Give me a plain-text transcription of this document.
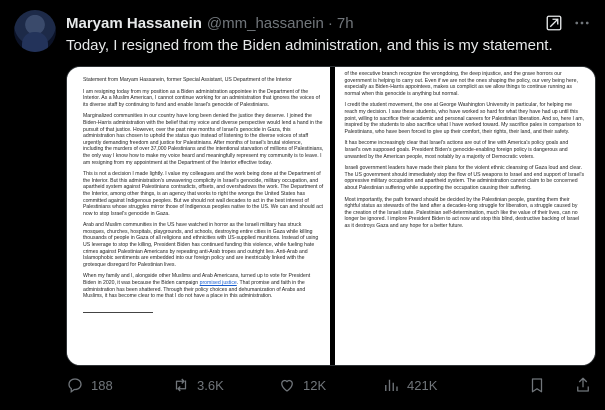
Maryam Hassanein @mm_hassanein · 7h
Today, I resigned from the Biden administration, and this is my statement.

Statement from Maryam Hassanein, former Special Assistant, US Department of the Interior

I am resigning today from my position as a Biden administration appointee in the Department of the Interior. As a Muslim American, I cannot continue working for an administration that ignores the voices of its diverse staff by continuing to fund and enable Israel's genocide of Palestinians.

Marginalized communities in our country have long been denied the justice they deserve. I joined the Biden-Harris administration with the belief that my voice and diverse perspective would lend a hand in the pursuit of that justice. However, over the past nine months of Israel's genocide in Gaza, this administration has chosen to uphold the status quo instead of listening to the diverse voices of staff urgently demanding freedom and justice for Palestinians. After months of Israel's brutal violence, including the murders of over 37,000 Palestinians and the intentional starvation of millions of Palestinians, the only way I know how to make my voice heard and meaningfully represent my community is to leave. I am resigning from my appointment at the Department of the Interior effective today.

This is not a decision I made lightly. I value my colleagues and the work being done at the Department of the Interior. But this administration's unwavering complicity in Israel's genocide, military occupation, and apartheid system against Palestinians contradicts, offsets, and overshadows the work. The Department of the Interior, among other things, is an agency that works to right the wrongs the United States has committed against Indigenous peoples. But we should not wall decades to act in the best interest of Palestinians whose struggles mirror those of Indigenous peoples native to the US. We can and should act now to stop Israel's genocide in Gaza.

Arab and Muslim communities in the US have watched in horror as the Israeli military has struck mosques, churches, hospitals, playgrounds, and schools, destroying entire cities in Gaza while killing thousands of people in Gaza of all religions and ethnicities with US-supplied munitions. Instead of using US leverage to stop the killing, President Biden has continued funding this violence, while fueling hate crimes against Palestinian Americans by repeating anti-Arab tropes and outright lies. Anti-Arab and Islamophobic sentiments are embedded into our foreign policy and are inextricably linked with the grotesque disregard for Palestinian lives.

When my family and I, alongside other Muslims and Arab Americans, turned up to vote for President Biden in 2020, it was because the Biden campaign promised justice. That promise and faith in the administration has been shattered. Through their policy choices and dehumanization of Arabs and Muslims, it has become clear to me that I do not have a place in this administration.

of the executive branch recognize the wrongdoing, the deep injustice, and the grave horrors our government is helping to carry out. Even if we are not the ones shaping the policy, our very being here, especially as Biden-Harris appointees, makes us complicit as we allow things to continue running as normal when this genocide is anything but normal.

I credit the student movement, the one at George Washington University in particular, for helping me reach my decision. I saw these students, who have worked so hard for what they have had up until this point, willing to sacrifice their academic and personal careers for Palestinian liberation. And so, here I am, inspired by the students to also sacrifice what I have worked toward. My sacrifice pales in comparison to Palestinians, who have been forced to give up their comfort, their rights, their land, and their safety.

It has become increasingly clear that Israel's actions are out of line with America's policy goals and Israel's own supposed goals. President Biden's genocide-enabling foreign policy is dangerous and unwanted by the American people, most notably by a majority of Democratic voters.

Israeli government leaders have made their plans for the violent ethnic cleansing of Gaza loud and clear. The US government should immediately stop the flow of US weapons to Israel and end support of Israel's oppressive military occupation and apartheid system. The administration cannot claim to be concerned about Palestinian suffering while supporting the occupation causing their suffering.

Most importantly, the path forward should be decided by the Palestinian people, granting them their rightful status as stewards of the land after a decades-long struggle for liberation, a struggle caused by the creation of the Israeli state. Palestinian self-determination, much like the value of their lives, can no longer be ignored. I implore President Biden to act now and stop this blind, destructive backing of Israel as it destroys Gaza and any hope for a better future.

188	3.6K	12K	421K
